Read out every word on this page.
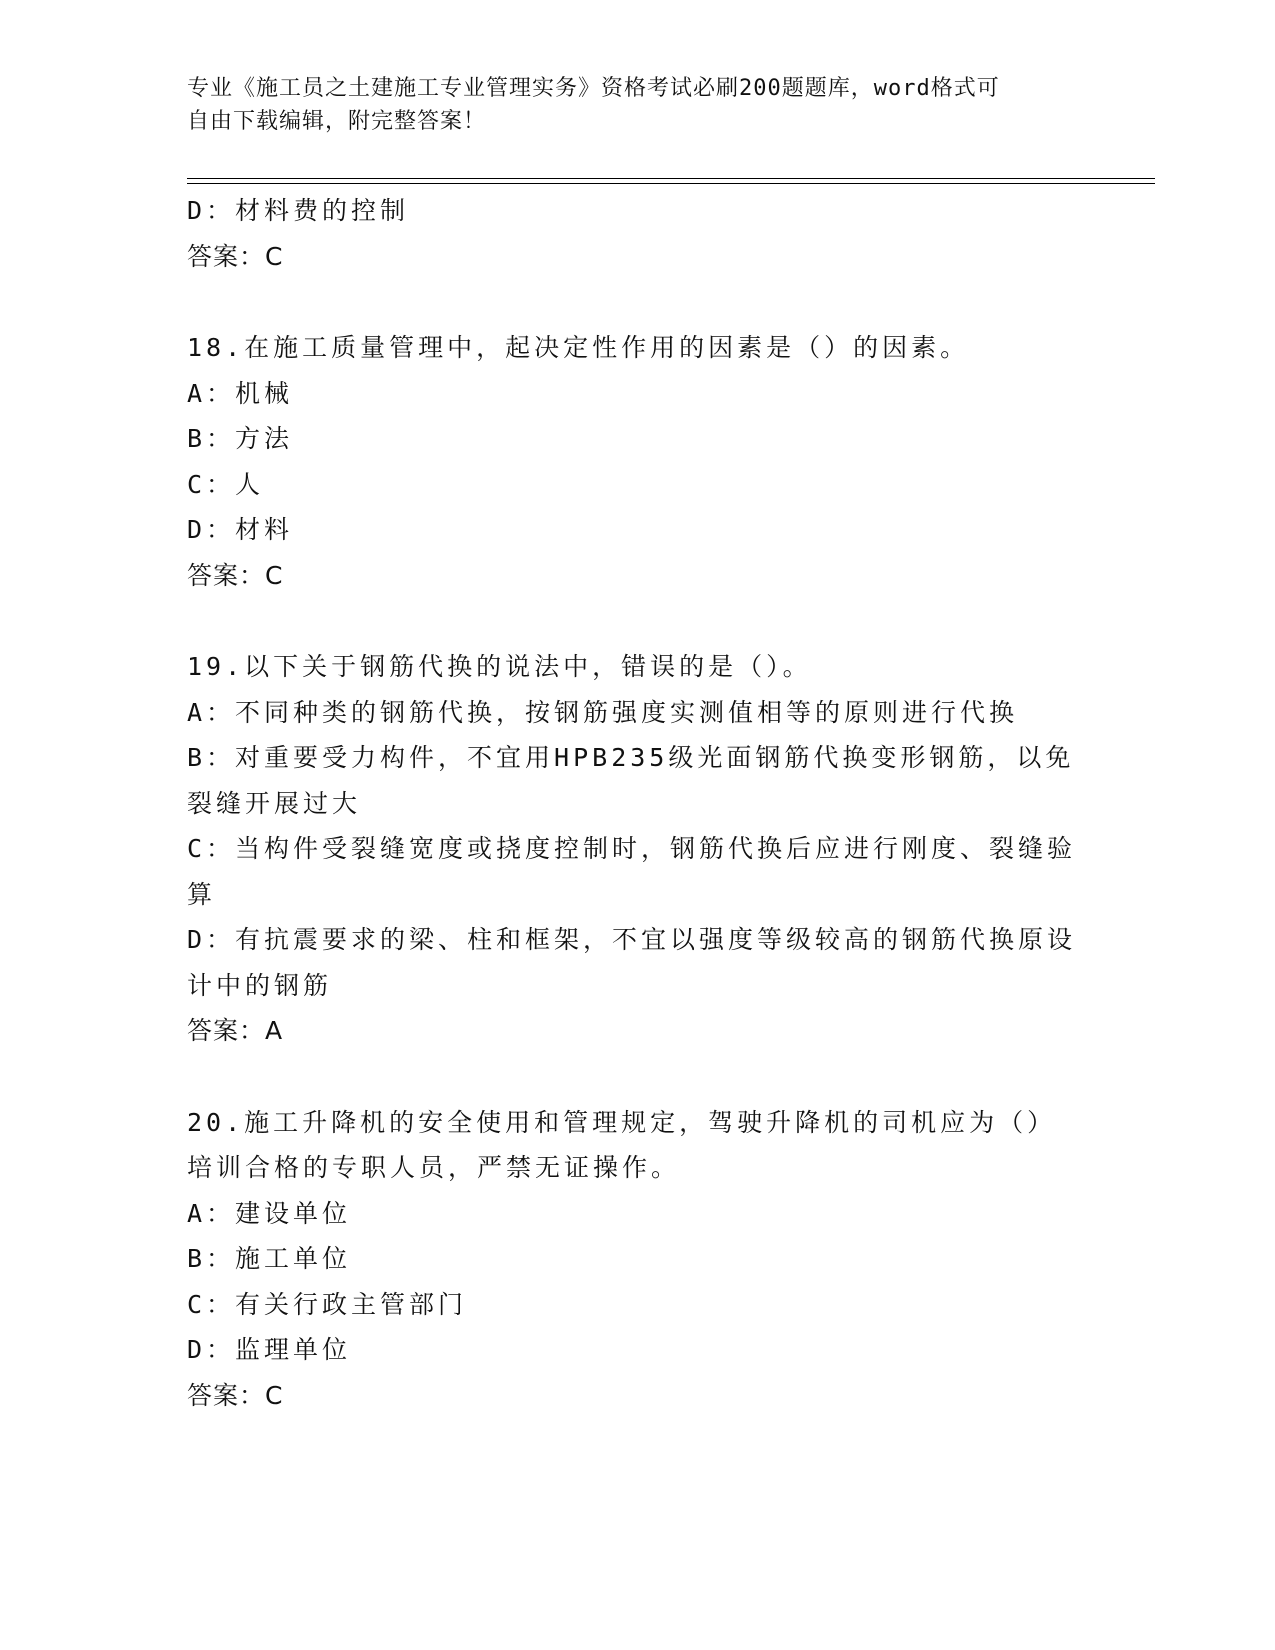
专业《施工员之土建施工专业管理实务》资格考试必刷200题题库，word格式可
自由下载编辑，附完整答案！
D：材料费的控制
答案：C
18.在施工质量管理中，起决定性作用的因素是（）的因素。
A：机械
B：方法
C：人
D：材料
答案：C
19.以下关于钢筋代换的说法中，错误的是（）。
A：不同种类的钢筋代换，按钢筋强度实测值相等的原则进行代换
B：对重要受力构件，不宜用HPB235级光面钢筋代换变形钢筋，以免裂缝开展过大
C：当构件受裂缝宽度或挠度控制时，钢筋代换后应进行刚度、裂缝验算
D：有抗震要求的梁、柱和框架，不宜以强度等级较高的钢筋代换原设计中的钢筋
答案：A
20.施工升降机的安全使用和管理规定，驾驶升降机的司机应为（）培训合格的专职人员，严禁无证操作。
A：建设单位
B：施工单位
C：有关行政主管部门
D：监理单位
答案：C
